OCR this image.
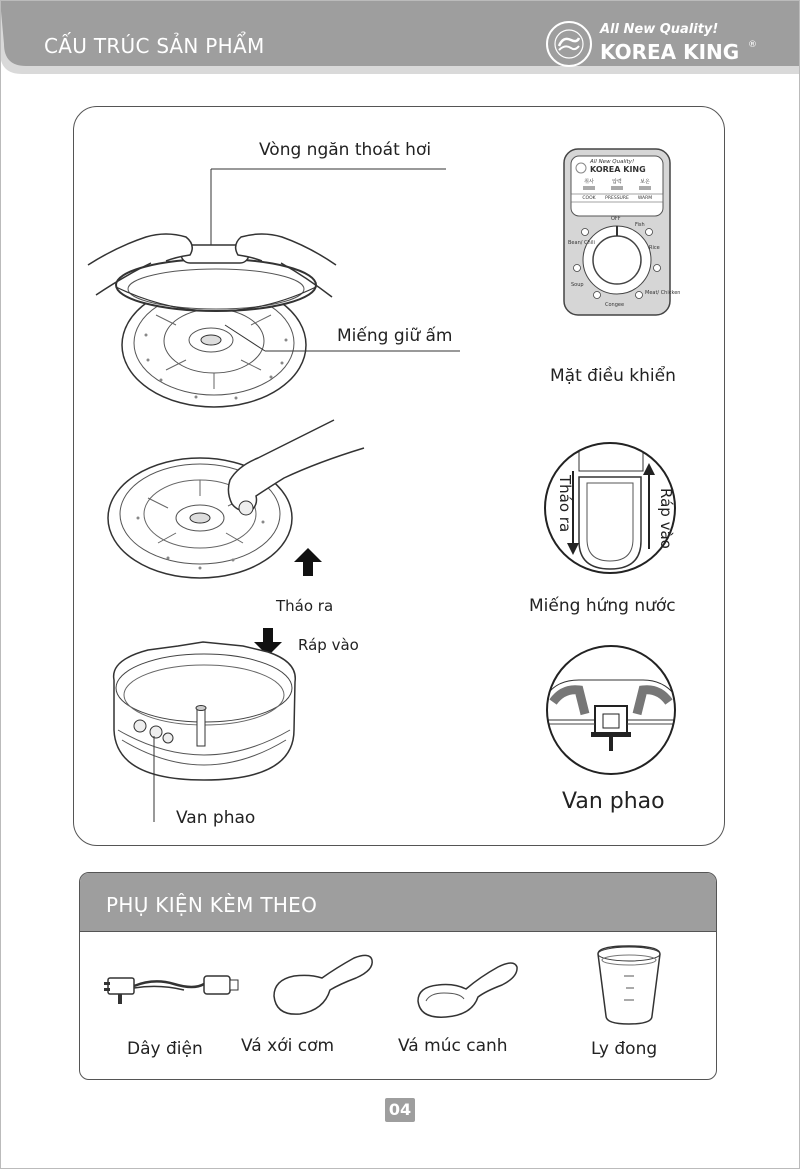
CẤU TRÚC SẢN PHẨM
All New Quality!
KOREA KING ®
Vòng ngăn thoát hơi
Miếng giữ ấm
All New Quality!
KOREA KING
취사	압력	보온
COOK PRESSURE WARM
OFF
Fish
Rice
Meat/ Chicken
Congee
Soup
Bean/ Chili
Mặt điều khiển
Tháo ra
Tháo ra	Ráp vào
Miếng hứng nước
Ráp vào
Van phao
Van phao
PHỤ KIỆN KÈM THEO
Dây điện Vá xới cơm	Vá múc canh	Ly đong
04
